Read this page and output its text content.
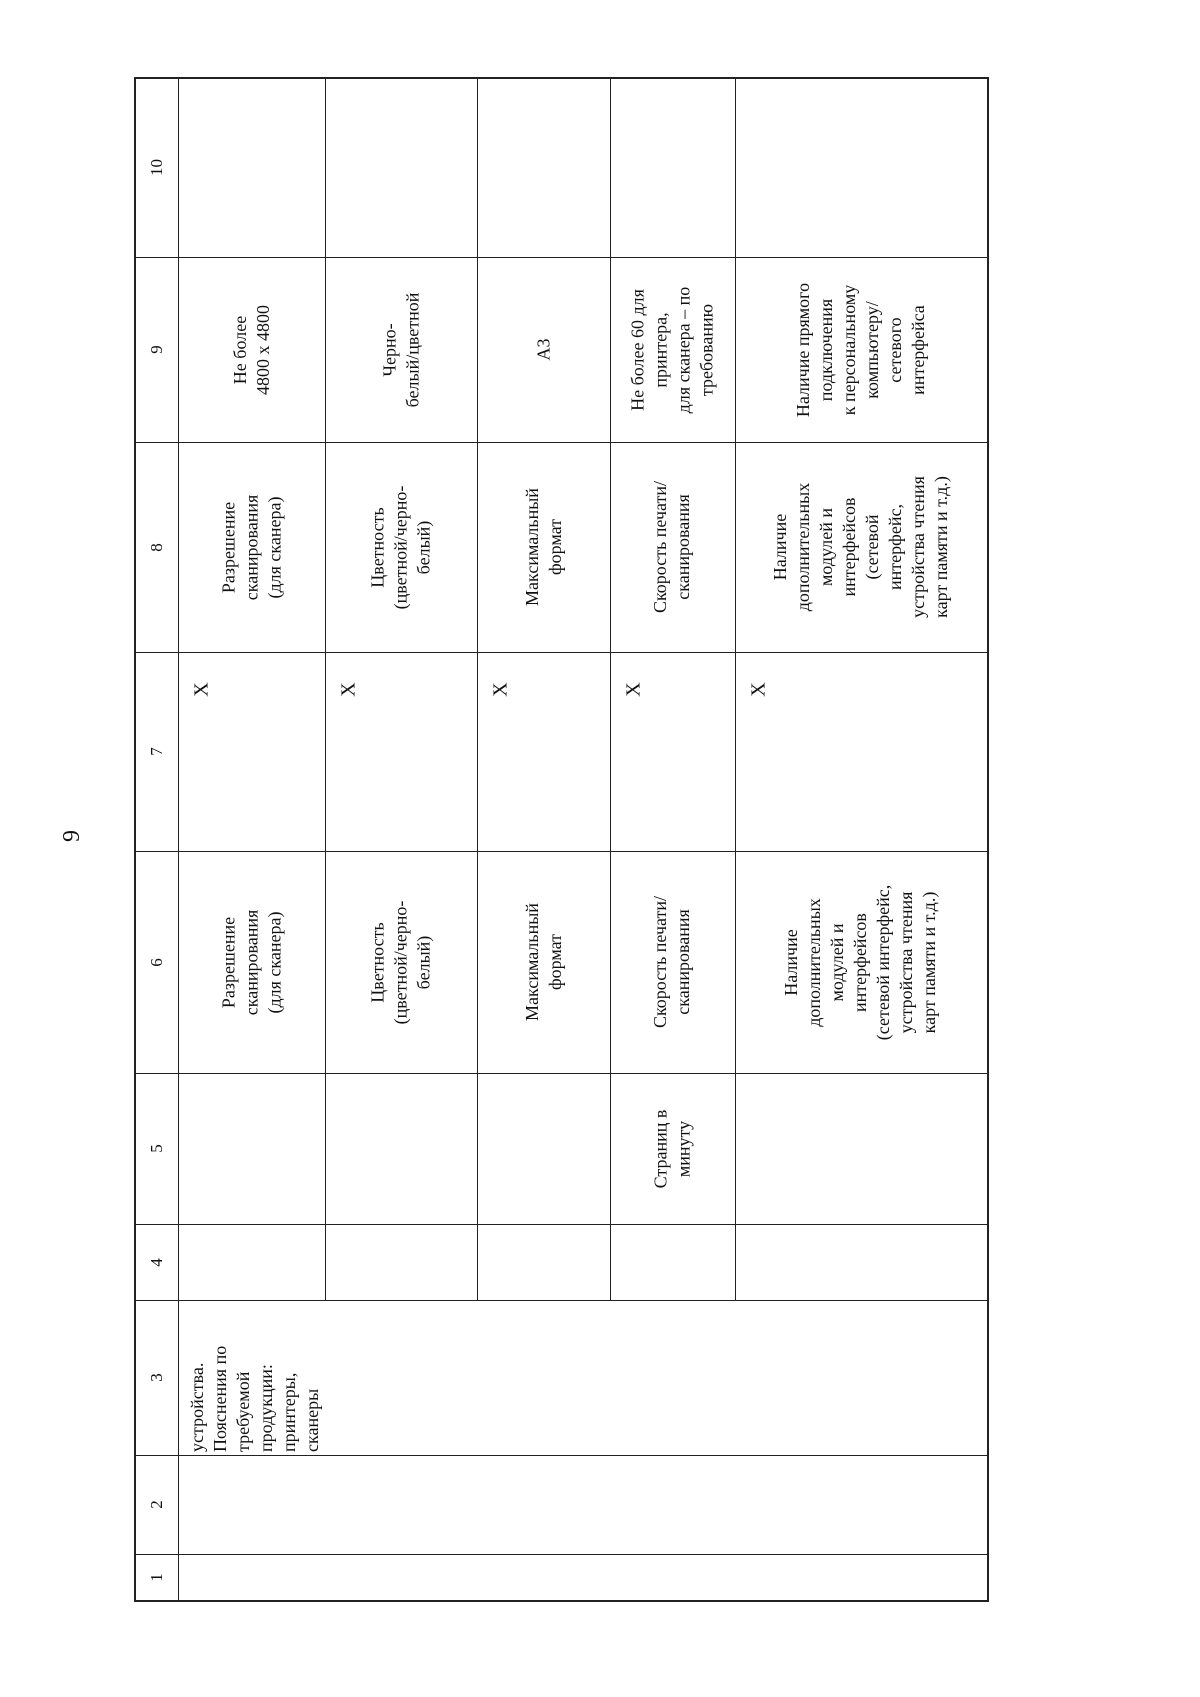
9
10
9
8
7
6
5
4
3
2
1
устройства.
Пояснения по
требуемой
продукции:
принтеры,
сканеры
Не более
4800 x 4800
Разрешение
сканирования
(для сканера)
X
Разрешение
сканирования
(для сканера)
Черно-
белый/цветной
Цветность
(цветной/черно-
белый)
X
Цветность
(цветной/черно-
белый)
А3
Максимальный
формат
X
Максимальный
формат
Не более 60 для
принтера,
для сканера – по
требованию
Скорость печати/
сканирования
X
Скорость печати/
сканирования
Страниц в
минуту
Наличие прямого
подключения
к персональному
компьютеру/
сетевого
интерфейса
Наличие
дополнительных
модулей и
интерфейсов
(сетевой
интерфейс,
устройства чтения
карт памяти и т.д.)
X
Наличие
дополнительных
модулей и
интерфейсов
(сетевой интерфейс,
устройства чтения
карт памяти и т.д.)
